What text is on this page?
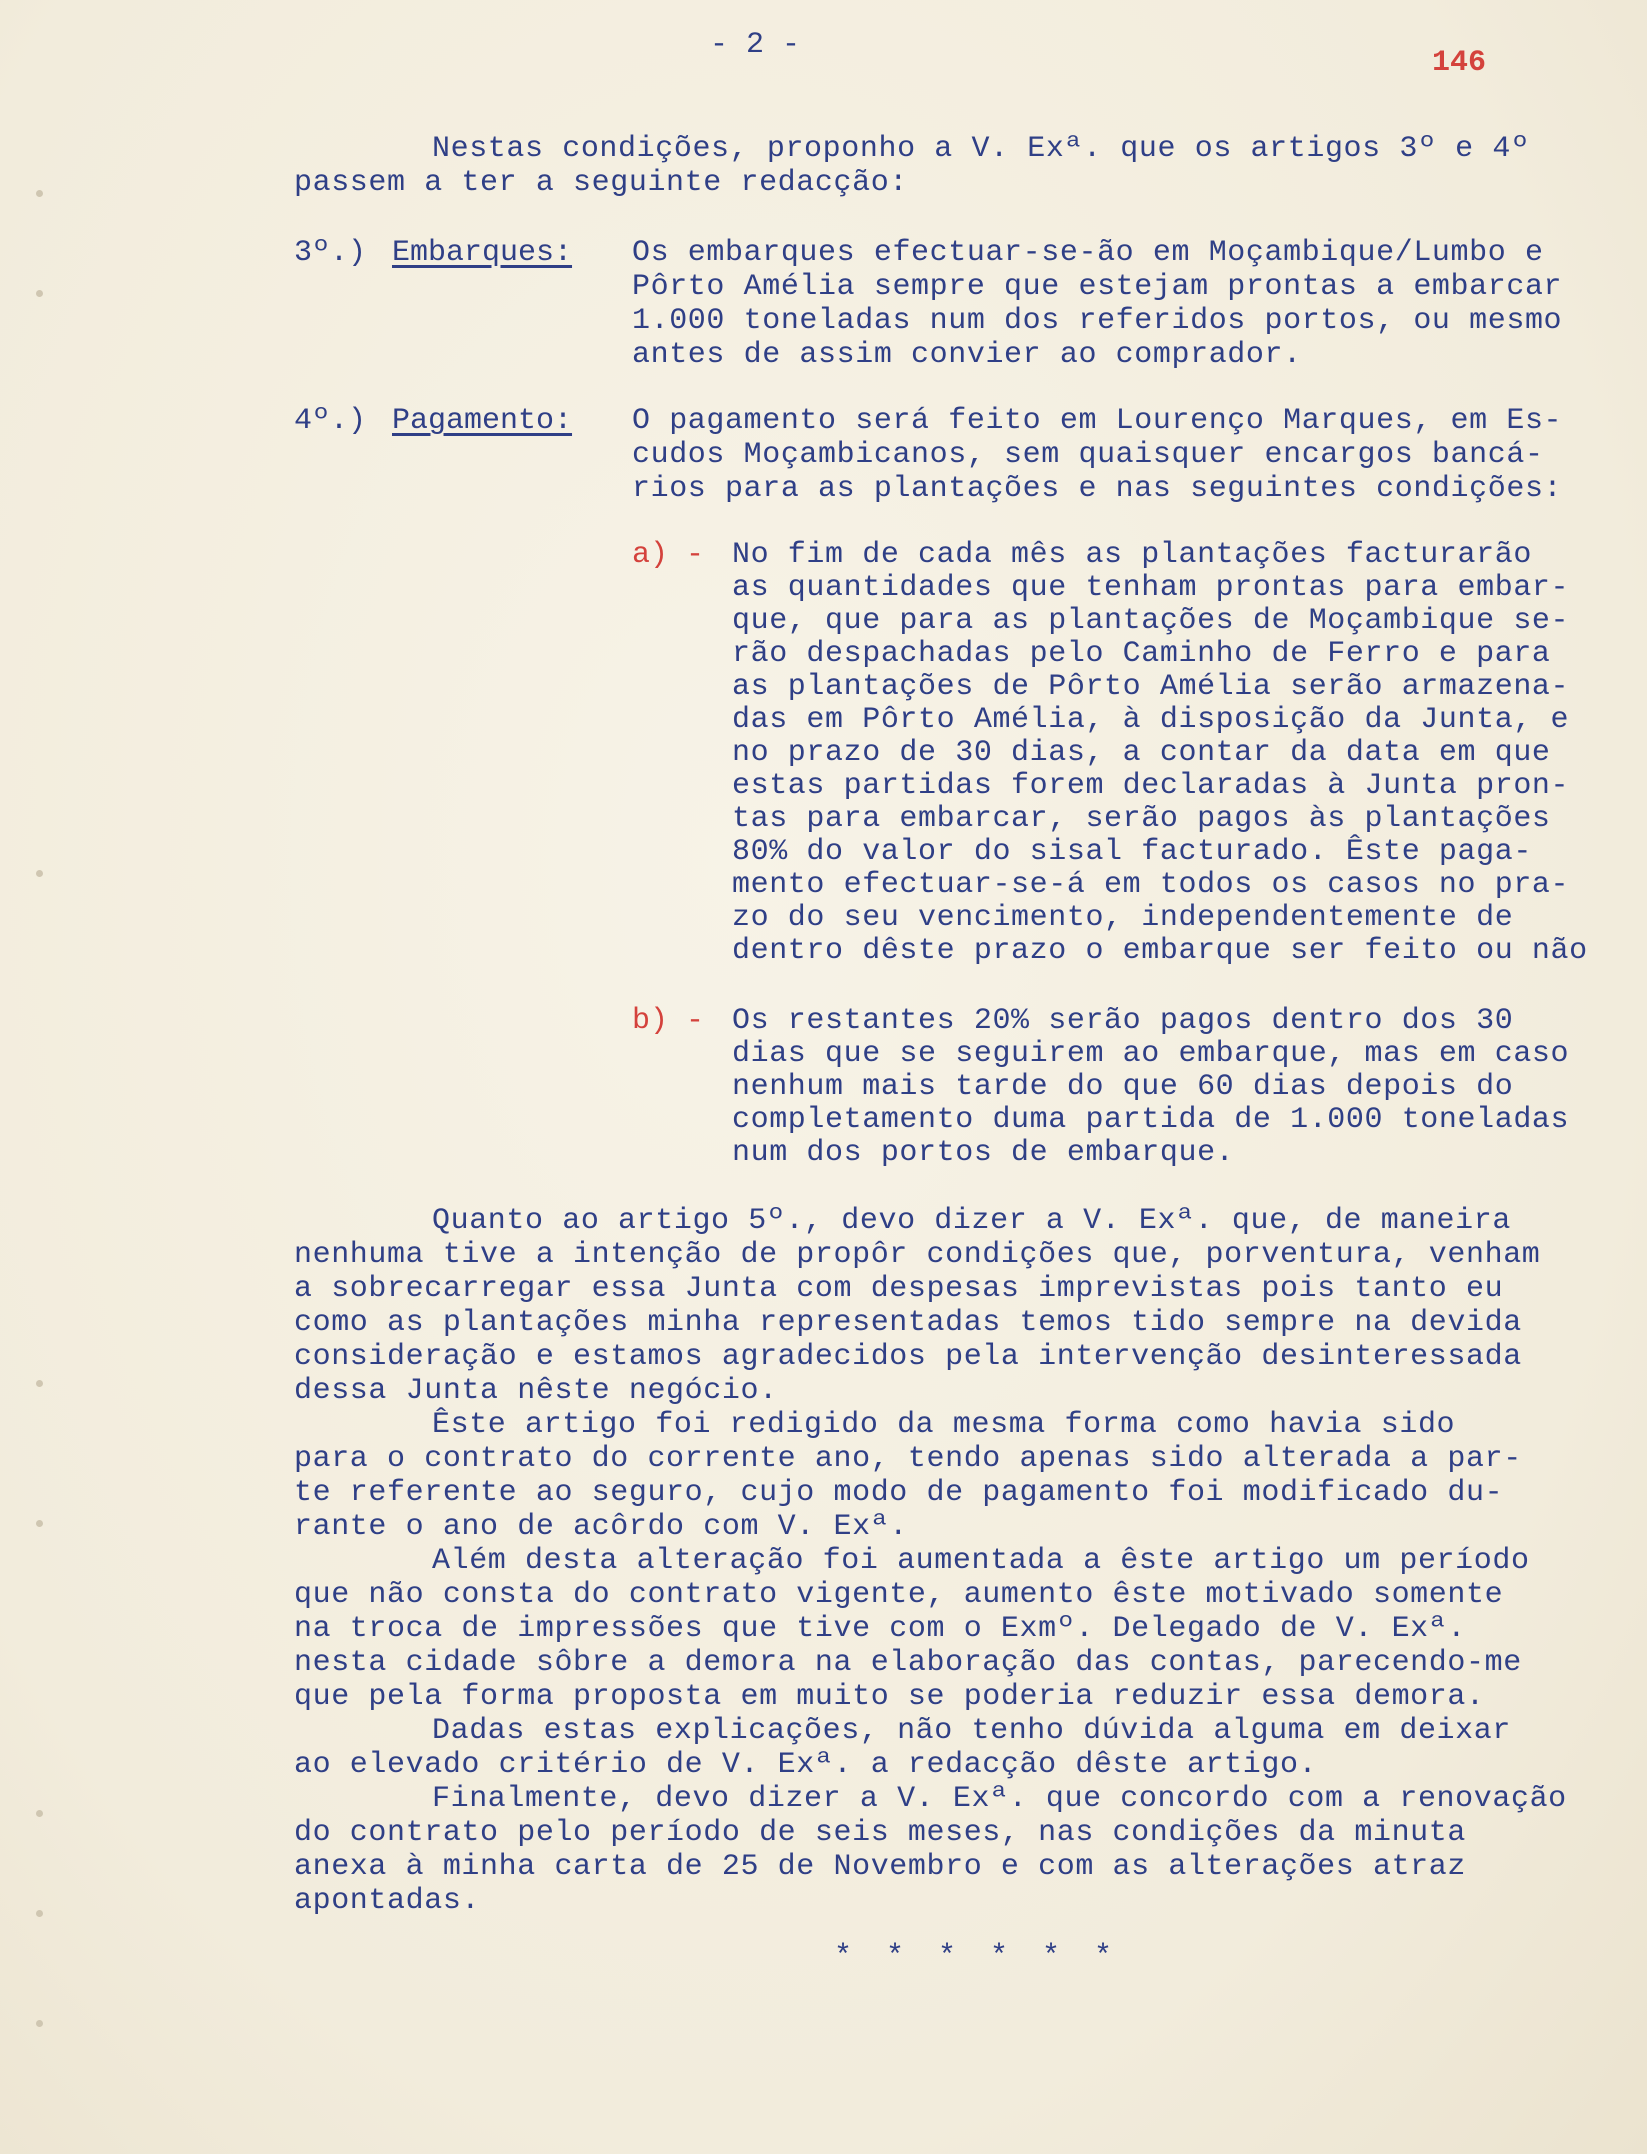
- 2 -
146
Nestas condições, proponho a V. Exª. que os artigos 3º e 4º
passem a ter a seguinte redacção:
3º.) Embarques: Os embarques efectuar-se-ão em Moçambique/Lumbo e
Pôrto Amélia sempre que estejam prontas a embarcar
1.000 toneladas num dos referidos portos, ou mesmo
antes de assim convier ao comprador.
4º.) Pagamento: O pagamento será feito em Lourenço Marques, em Es-
cudos Moçambicanos, sem quaisquer encargos bancá-
rios para as plantações e nas seguintes condições:
a) - No fim de cada mês as plantações facturarão
as quantidades que tenham prontas para embar-
que, que para as plantações de Moçambique se-
rão despachadas pelo Caminho de Ferro e para
as plantações de Pôrto Amélia serão armazena-
das em Pôrto Amélia, à disposição da Junta, e
no prazo de 30 dias, a contar da data em que
estas partidas forem declaradas à Junta pron-
tas para embarcar, serão pagos às plantações
80% do valor do sisal facturado. Êste paga-
mento efectuar-se-á em todos os casos no pra-
zo do seu vencimento, independentemente de
dentro dêste prazo o embarque ser feito ou não
b) - Os restantes 20% serão pagos dentro dos 30
dias que se seguirem ao embarque, mas em caso
nenhum mais tarde do que 60 dias depois do
completamento duma partida de 1.000 toneladas
num dos portos de embarque.
Quanto ao artigo 5º., devo dizer a V. Exª. que, de maneira
nenhuma tive a intenção de propôr condições que, porventura, venham
a sobrecarregar essa Junta com despesas imprevistas pois tanto eu
como as plantações minha representadas temos tido sempre na devida
consideração e estamos agradecidos pela intervenção desinteressada
dessa Junta nêste negócio.
Êste artigo foi redigido da mesma forma como havia sido
para o contrato do corrente ano, tendo apenas sido alterada a par-
te referente ao seguro, cujo modo de pagamento foi modificado du-
rante o ano de acôrdo com V. Exª.
Além desta alteração foi aumentada a êste artigo um período
que não consta do contrato vigente, aumento êste motivado somente
na troca de impressões que tive com o Exmº. Delegado de V. Exª.
nesta cidade sôbre a demora na elaboração das contas, parecendo-me
que pela forma proposta em muito se poderia reduzir essa demora.
Dadas estas explicações, não tenho dúvida alguma em deixar
ao elevado critério de V. Exª. a redacção dêste artigo.
Finalmente, devo dizer a V. Exª. que concordo com a renovação
do contrato pelo período de seis meses, nas condições da minuta
anexa à minha carta de 25 de Novembro e com as alterações atraz
apontadas.
* * * * * *
